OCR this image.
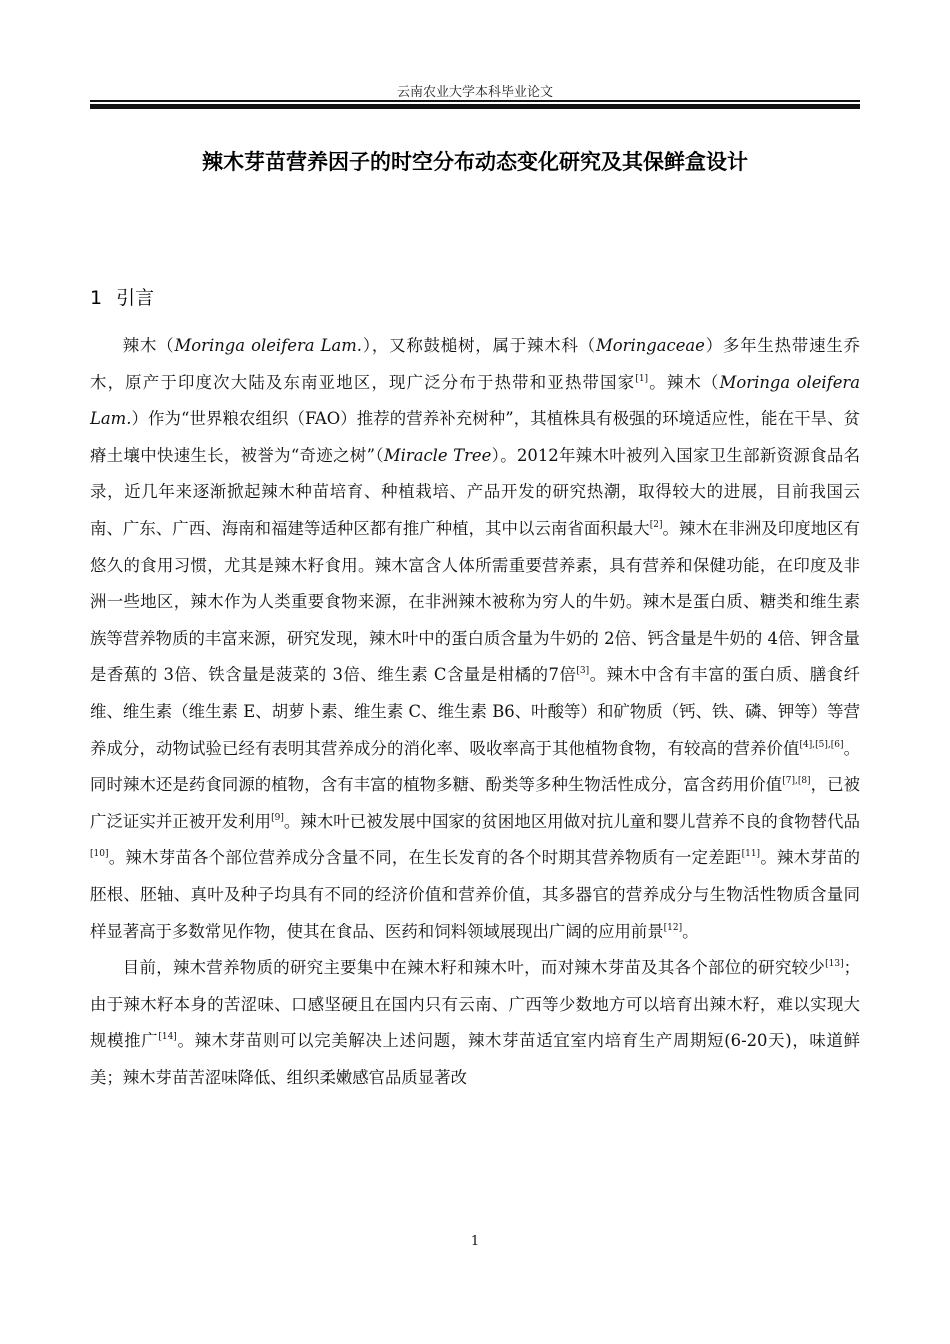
云南农业大学本科毕业论文
辣木芽苗营养因子的时空分布动态变化研究及其保鲜盒设计
1 引言

辣木（Moringa oleifera Lam.），又称鼓槌树，属于辣木科（Moringaceae）多年生热带速生乔木，原产于印度次大陆及东南亚地区，现广泛分布于热带和亚热带国家[1]。辣木（Moringa oleifera Lam.）作为“世界粮农组织（FAO）推荐的营养补充树种”，其植株具有极强的环境适应性，能在干旱、贫瘠土壤中快速生长，被誉为“奇迹之树”（Miracle Tree）。2012年辣木叶被列入国家卫生部新资源食品名录，近几年来逐渐掀起辣木种苗培育、种植栽培、产品开发的研究热潮，取得较大的进展，目前我国云南、广东、广西、海南和福建等适种区都有推广种植，其中以云南省面积最大[2]。辣木在非洲及印度地区有悠久的食用习惯，尤其是辣木籽食用。辣木富含人体所需重要营养素，具有营养和保健功能，在印度及非洲一些地区，辣木作为人类重要食物来源，在非洲辣木被称为穷人的牛奶。辣木是蛋白质、糖类和维生素族等营养物质的丰富来源，研究发现，辣木叶中的蛋白质含量为牛奶的 2倍、钙含量是牛奶的 4倍、钾含量是香蕉的 3倍、铁含量是菠菜的 3倍、维生素 C含量是柑橘的7倍[3]。辣木中含有丰富的蛋白质、膳食纤维、维生素（维生素 E、胡萝卜素、维生素 C、维生素 B6、叶酸等）和矿物质（钙、铁、磷、钾等）等营养成分，动物试验已经有表明其营养成分的消化率、吸收率高于其他植物食物，有较高的营养价值[4],[5],[6]。同时辣木还是药食同源的植物，含有丰富的植物多糖、酚类等多种生物活性成分，富含药用价值[7],[8]，已被广泛证实并正被开发利用[9]。辣木叶已被发展中国家的贫困地区用做对抗儿童和婴儿营养不良的食物替代品[10]。辣木芽苗各个部位营养成分含量不同，在生长发育的各个时期其营养物质有一定差距[11]。辣木芽苗的胚根、胚轴、真叶及种子均具有不同的经济价值和营养价值，其多器官的营养成分与生物活性物质含量同样显著高于多数常见作物，使其在食品、医药和饲料领域展现出广阔的应用前景[12]。

目前，辣木营养物质的研究主要集中在辣木籽和辣木叶，而对辣木芽苗及其各个部位的研究较少[13]；由于辣木籽本身的苦涩味、口感坚硬且在国内只有云南、广西等少数地方可以培育出辣木籽，难以实现大规模推广[14]。辣木芽苗则可以完美解决上述问题，辣木芽苗适宜室内培育生产周期短(6-20天)，味道鲜美；辣木芽苗苦涩味降低、组织柔嫩感官品质显著改

1
